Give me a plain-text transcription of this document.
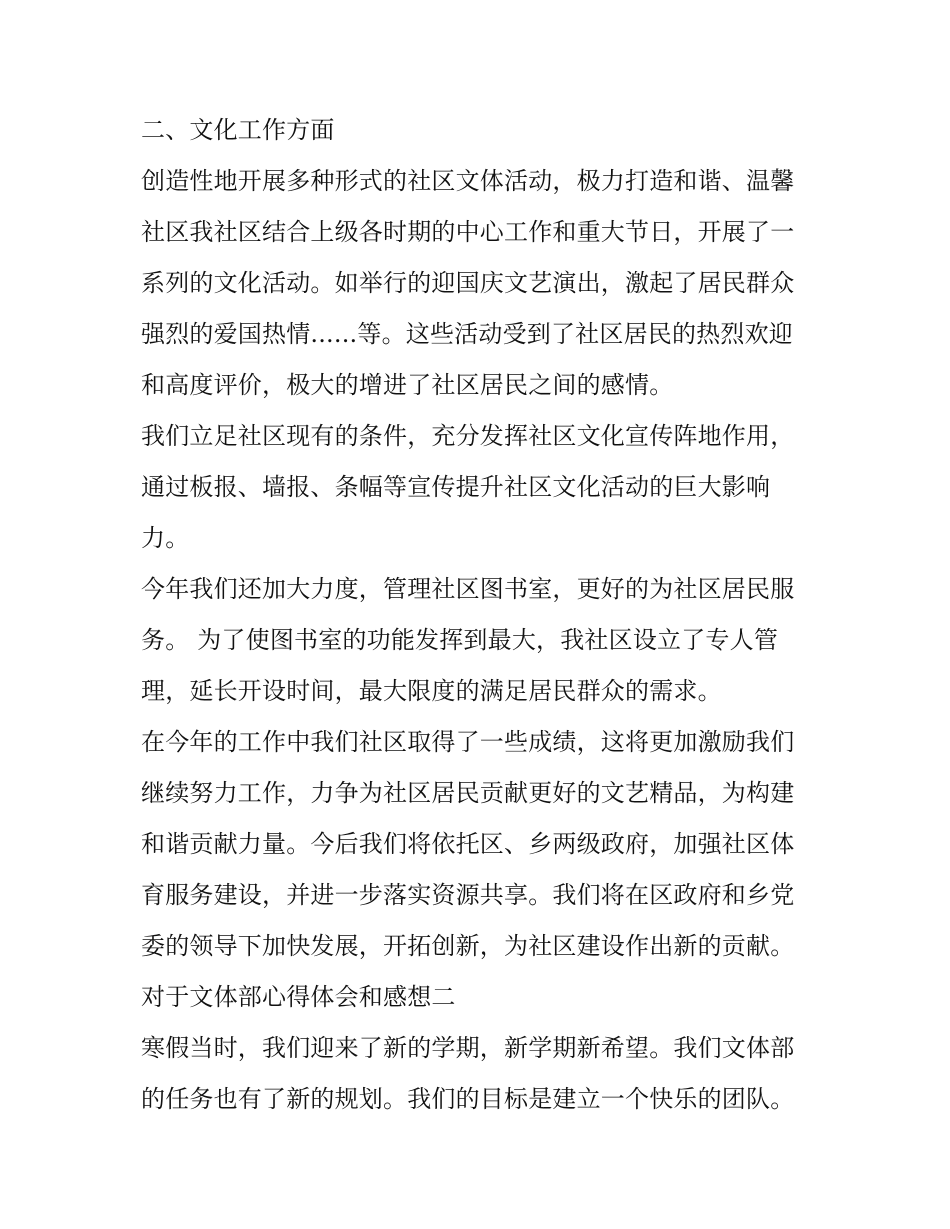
二、文化工作方面
创造性地开展多种形式的社区文体活动，极力打造和谐、温馨
社区我社区结合上级各时期的中心工作和重大节日，开展了一
系列的文化活动。如举行的迎国庆文艺演出，激起了居民群众
强烈的爱国热情......等。这些活动受到了社区居民的热烈欢迎
和高度评价，极大的增进了社区居民之间的感情。
我们立足社区现有的条件，充分发挥社区文化宣传阵地作用，
通过板报、墙报、条幅等宣传提升社区文化活动的巨大影响
力。
今年我们还加大力度，管理社区图书室，更好的为社区居民服
务。 为了使图书室的功能发挥到最大，我社区设立了专人管
理，延长开设时间，最大限度的满足居民群众的需求。
在今年的工作中我们社区取得了一些成绩，这将更加激励我们
继续努力工作，力争为社区居民贡献更好的文艺精品，为构建
和谐贡献力量。今后我们将依托区、乡两级政府，加强社区体
育服务建设，并进一步落实资源共享。我们将在区政府和乡党
委的领导下加快发展，开拓创新，为社区建设作出新的贡献。
对于文体部心得体会和感想二
寒假当时，我们迎来了新的学期，新学期新希望。我们文体部
的任务也有了新的规划。我们的目标是建立一个快乐的团队。
